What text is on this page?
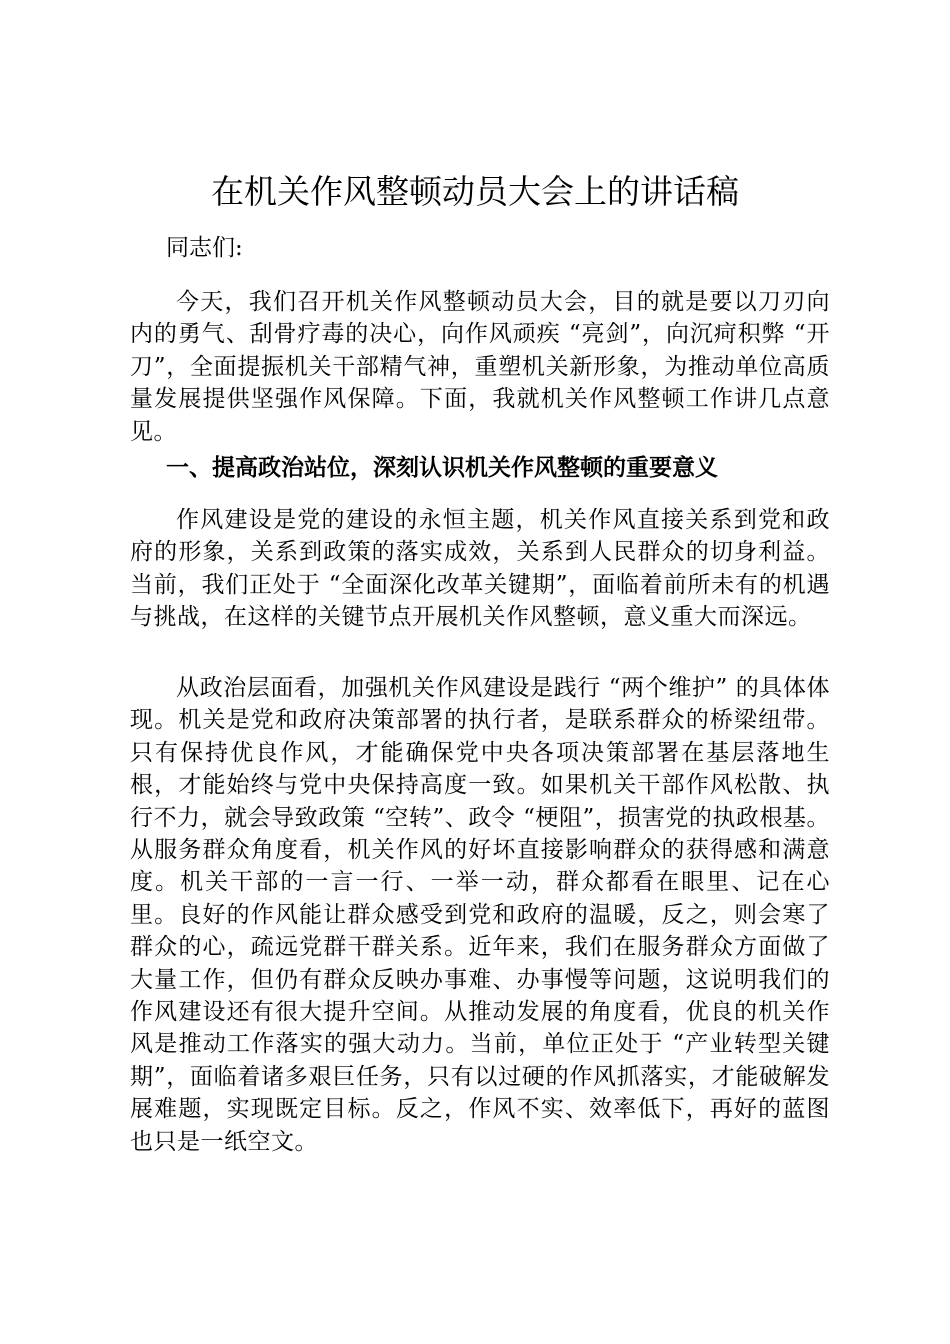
在机关作风整顿动员大会上的讲话稿

同志们:

今天，我们召开机关作风整顿动员大会，目的就是要以刀刃向内的勇气、刮骨疗毒的决心，向作风顽疾 “亮剑”，向沉疴积弊 “开刀”，全面提振机关干部精气神，重塑机关新形象，为推动单位高质量发展提供坚强作风保障。下面，我就机关作风整顿工作讲几点意见。

一、提高政治站位，深刻认识机关作风整顿的重要意义

作风建设是党的建设的永恒主题，机关作风直接关系到党和政府的形象，关系到政策的落实成效，关系到人民群众的切身利益。当前，我们正处于 “全面深化改革关键期”，面临着前所未有的机遇与挑战，在这样的关键节点开展机关作风整顿，意义重大而深远。

从政治层面看，加强机关作风建设是践行 “两个维护” 的具体体现。机关是党和政府决策部署的执行者，是联系群众的桥梁纽带。只有保持优良作风，才能确保党中央各项决策部署在基层落地生根，才能始终与党中央保持高度一致。如果机关干部作风松散、执行不力，就会导致政策 “空转”、政令 “梗阻”，损害党的执政根基。从服务群众角度看，机关作风的好坏直接影响群众的获得感和满意度。机关干部的一言一行、一举一动，群众都看在眼里、记在心里。良好的作风能让群众感受到党和政府的温暖，反之，则会寒了群众的心，疏远党群干群关系。近年来，我们在服务群众方面做了大量工作，但仍有群众反映办事难、办事慢等问题，这说明我们的作风建设还有很大提升空间。从推动发展的角度看，优良的机关作风是推动工作落实的强大动力。当前，单位正处于 “产业转型关键期”，面临着诸多艰巨任务，只有以过硬的作风抓落实，才能破解发展难题，实现既定目标。反之，作风不实、效率低下，再好的蓝图也只是一纸空文。
